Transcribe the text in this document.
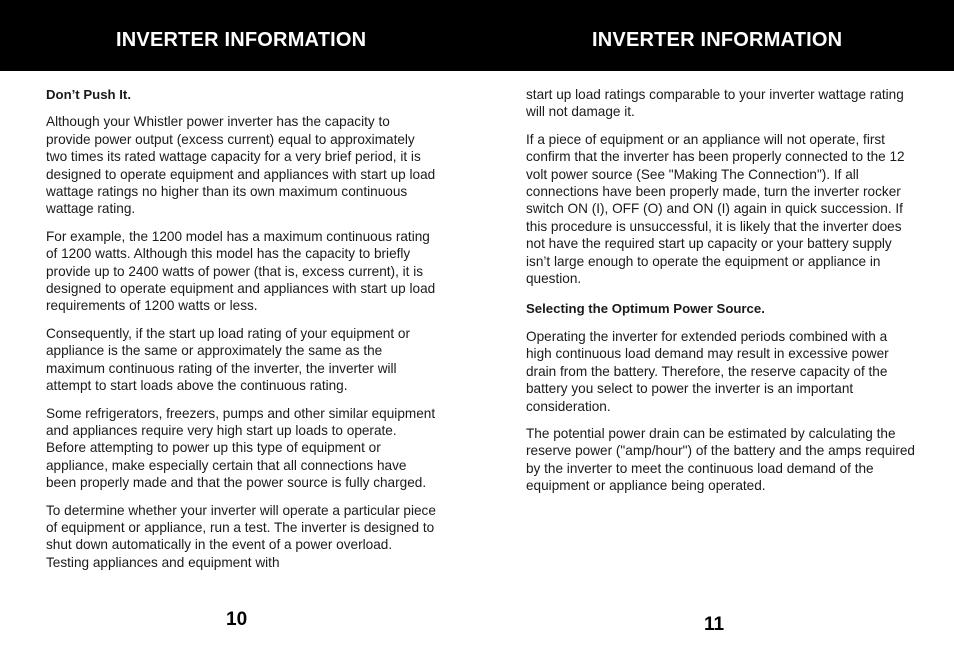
INVERTER INFORMATION	INVERTER INFORMATION
Don’t Push It.

Although your Whistler power inverter has the capacity to provide power output (excess current) equal to approximately two times its rated wattage capacity for a very brief period, it is designed to operate equipment and appliances with start up load wattage ratings no higher than its own maximum continuous wattage rating.

For example, the 1200 model has a maximum continuous rating of 1200 watts. Although this model has the capacity to briefly provide up to 2400 watts of power (that is, excess current), it is designed to operate equipment and appliances with start up load requirements of 1200 watts or less.

Consequently, if the start up load rating of your equipment or appliance is the same or approximately the same as the maximum continuous rating of the inverter, the inverter will attempt to start loads above the continuous rating.

Some refrigerators, freezers, pumps and other similar equipment and appliances require very high start up loads to operate. Before attempting to power up this type of equipment or appliance, make especially certain that all connections have been properly made and that the power source is fully charged.

To determine whether your inverter will operate a particular piece of equipment or appliance, run a test. The inverter is designed to shut down automatically in the event of a power overload. Testing appliances and equipment with

start up load ratings comparable to your inverter wattage rating will not damage it.

If a piece of equipment or an appliance will not operate, first confirm that the inverter has been properly connected to the 12 volt power source (See "Making The Connection"). If all connections have been properly made, turn the inverter rocker switch ON (I), OFF (O) and ON (I) again in quick succession. If this procedure is unsuccessful, it is likely that the inverter does not have the required start up capacity or your battery supply isn’t large enough to operate the equipment or appliance in question.

Selecting the Optimum Power Source.

Operating the inverter for extended periods combined with a high continuous load demand may result in excessive power drain from the battery. Therefore, the reserve capacity of the battery you select to power the inverter is an important consideration.

The potential power drain can be estimated by calculating the reserve power ("amp/hour") of the battery and the amps required by the inverter to meet the continuous load demand of the equipment or appliance being operated.

10	11
